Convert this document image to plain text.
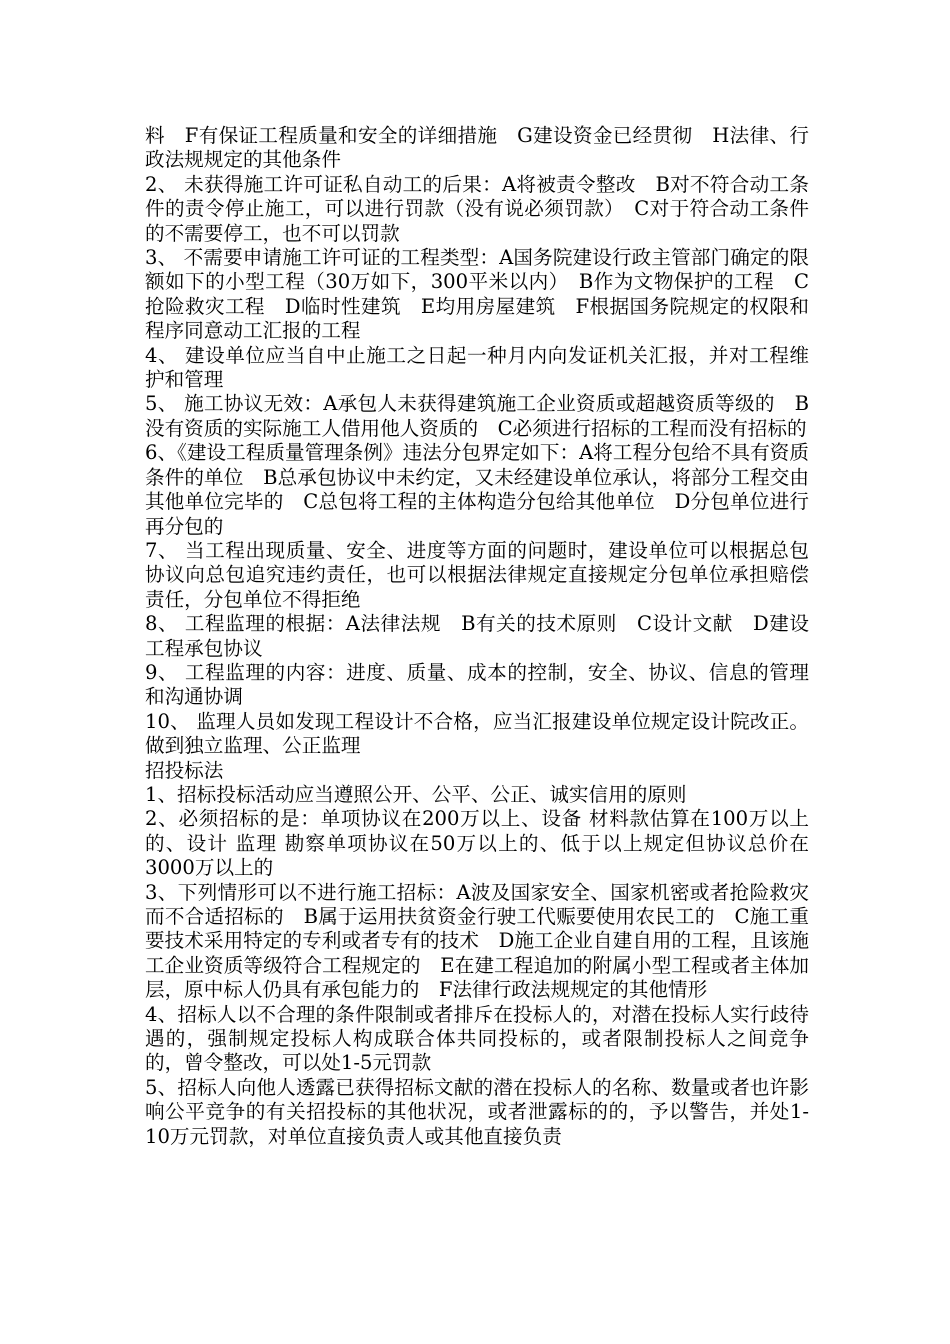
料　F有保证工程质量和安全的详细措施　G建设资金已经贯彻　H法律、行政法规规定的其他条件

2、 未获得施工许可证私自动工的后果：A将被责令整改　B对不符合动工条件的责令停止施工，可以进行罚款（没有说必须罚款）　C对于符合动工条件的不需要停工，也不可以罚款

3、 不需要申请施工许可证的工程类型：A国务院建设行政主管部门确定的限额如下的小型工程（30万如下，300平米以内）　B作为文物保护的工程　C抢险救灾工程　D临时性建筑　E均用房屋建筑　F根据国务院规定的权限和程序同意动工汇报的工程

4、 建设单位应当自中止施工之日起一种月内向发证机关汇报，并对工程维护和管理

5、 施工协议无效：A承包人未获得建筑施工企业资质或超越资质等级的　B没有资质的实际施工人借用他人资质的　C必须进行招标的工程而没有招标的

6、《建设工程质量管理条例》违法分包界定如下：A将工程分包给不具有资质条件的单位　B总承包协议中未约定，又未经建设单位承认，将部分工程交由其他单位完毕的　C总包将工程的主体构造分包给其他单位　D分包单位进行再分包的

7、 当工程出现质量、安全、进度等方面的问题时，建设单位可以根据总包协议向总包追究违约责任，也可以根据法律规定直接规定分包单位承担赔偿责任，分包单位不得拒绝

8、 工程监理的根据：A法律法规　B有关的技术原则　C设计文献　D建设工程承包协议

9、 工程监理的内容：进度、质量、成本的控制，安全、协议、信息的管理和沟通协调

10、 监理人员如发现工程设计不合格，应当汇报建设单位规定设计院改正。做到独立监理、公正监理

招投标法

1、招标投标活动应当遵照公开、公平、公正、诚实信用的原则

2、必须招标的是：单项协议在200万以上、设备 材料款估算在100万以上的、设计 监理 勘察单项协议在50万以上的、低于以上规定但协议总价在3000万以上的

3、下列情形可以不进行施工招标：A波及国家安全、国家机密或者抢险救灾而不合适招标的　B属于运用扶贫资金行驶工代赈要使用农民工的　C施工重要技术采用特定的专利或者专有的技术　D施工企业自建自用的工程，且该施工企业资质等级符合工程规定的　E在建工程追加的附属小型工程或者主体加层，原中标人仍具有承包能力的　F法律行政法规规定的其他情形

4、招标人以不合理的条件限制或者排斥在投标人的，对潜在投标人实行歧待遇的，强制规定投标人构成联合体共同投标的，或者限制投标人之间竞争的，曾令整改，可以处1-5元罚款

5、招标人向他人透露已获得招标文献的潜在投标人的名称、数量或者也许影响公平竞争的有关招投标的其他状况，或者泄露标的的，予以警告，并处1-10万元罚款，对单位直接负责人或其他直接负责
